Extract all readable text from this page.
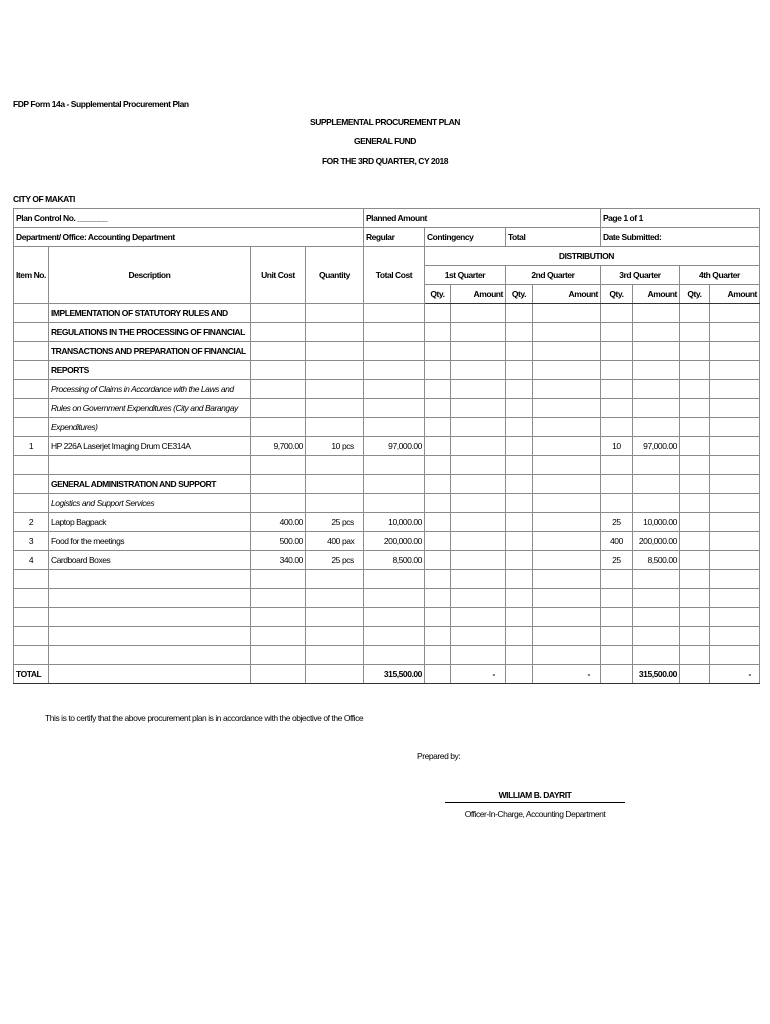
FDP Form 14a - Supplemental Procurement Plan
SUPPLEMENTAL PROCUREMENT PLAN
GENERAL FUND
FOR THE 3RD QUARTER, CY 2018
CITY OF MAKATI
Plan Control No. _______				Planned Amount					Page 1 of 1			
Department/ Office: Accounting Department				Regular	Contingency		Total		Date Submitted:			
Item No.	Description	Unit Cost	Quantity	Total Cost	DISTRIBUTION							
					1st Quarter		2nd Quarter		3rd Quarter		4th Quarter	
					Qty.	Amount	Qty.	Amount	Qty.	Amount	Qty.	Amount
	IMPLEMENTATION OF STATUTORY RULES AND											
	REGULATIONS IN THE PROCESSING OF FINANCIAL											
	TRANSACTIONS AND PREPARATION OF FINANCIAL											
	REPORTS											
	Processing of Claims in Accordance with the Laws and											
	Rules on Government Expenditures (City and Barangay											
	Expenditures)											
1	HP 226A Laserjet Imaging Drum CE314A	9,700.00	10 pcs	97,000.00					10	97,000.00		

	GENERAL ADMINISTRATION AND SUPPORT											
	Logistics and Support Services											
2	Laptop Bagpack	400.00	25 pcs	10,000.00					25	10,000.00		
3	Food for the meetings	500.00	400 pax	200,000.00					400	200,000.00		
4	Cardboard Boxes	340.00	25 pcs	8,500.00					25	8,500.00		

TOTAL				315,500.00		-		-		315,500.00		-
This is to certify that the above procurement plan is in accordance with the objective of the Office
Prepared by:
WILLIAM B. DAYRIT
Officer-In-Charge, Accounting Department
